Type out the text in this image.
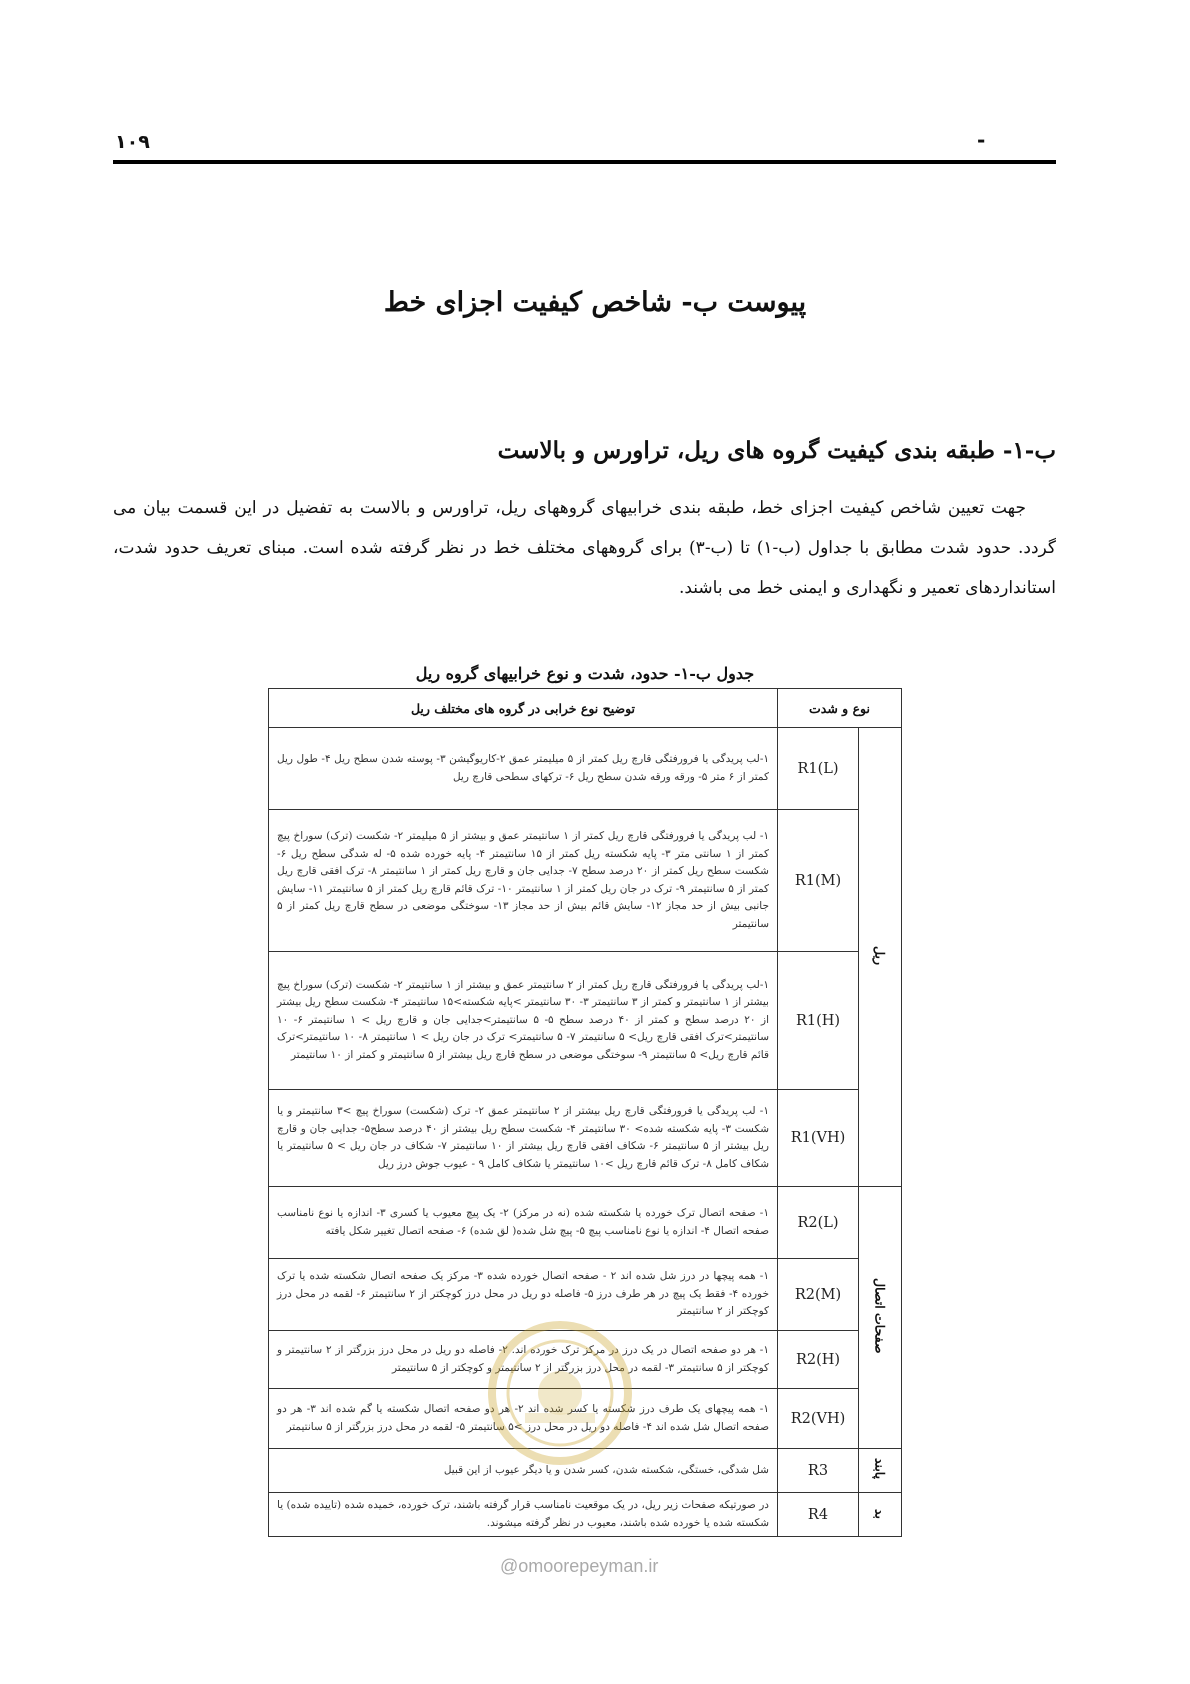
۱۰۹	-
پیوست ب- شاخص کیفیت اجزای خط
ب-۱- طبقه بندی کیفیت گروه های ریل، تراورس و بالاست

جهت تعیین شاخص کیفیت اجزای خط، طبقه بندی خرابیهای گروههای ریل، تراورس و بالاست به تفضیل در این قسمت بیان می گردد. حدود شدت مطابق با جداول (ب-۱) تا (ب-۳) برای گروههای مختلف خط در نظر گرفته شده است. مبنای تعریف حدود شدت، استانداردهای تعمیر و نگهداری و ایمنی خط می باشند.

جدول ب-۱- حدود، شدت و نوع خرابیهای گروه ریل
نوع و شدت		توضیح نوع خرابی در گروه های مختلف ریل
ریل	R1(L)	۱-لب پریدگی یا فرورفتگی قارچ ریل کمتر از ۵ میلیمتر عمق ۲-کاریوگیشن ۳- پوسته شدن سطح ریل ۴- طول ریل کمتر از ۶ متر ۵- ورقه ورقه شدن سطح ریل ۶- ترکهای سطحی قارچ ریل
	R1(M)	۱- لب پریدگی یا فرورفتگی قارچ ریل کمتر از ۱ سانتیمتر عمق و بیشتر از ۵ میلیمتر ۲- شکست (ترک) سوراخ پیچ کمتر از ۱ سانتی متر ۳- پایه شکسته ریل کمتر از ۱۵ سانتیمتر ۴- پایه خورده شده ۵- له شدگی سطح ریل ۶- شکست سطح ریل کمتر از ۲۰ درصد سطح ۷- جدایی جان و قارچ ریل کمتر از ۱ سانتیمتر ۸- ترک افقی قارچ ریل کمتر از ۵ سانتیمتر ۹- ترک در جان ریل کمتر از ۱ سانتیمتر ۱۰- ترک قائم قارچ ریل کمتر از ۵ سانتیمتر ۱۱- سایش جانبی بیش از حد مجاز ۱۲- سایش قائم بیش از حد مجاز ۱۳- سوختگی موضعی در سطح قارچ ریل کمتر از ۵ سانتیمتر
	R1(H)	۱-لب پریدگی یا فرورفتگی قارچ ریل کمتر از ۲ سانتیمتر عمق و بیشتر از ۱ سانتیمتر ۲- شکست (ترک) سوراخ پیچ بیشتر از ۱ سانتیمتر و کمتر از ۳ سانتیمتر ۳- ۳۰ سانتیمتر >پایه شکسته>۱۵ سانتیمتر ۴- شکست سطح ریل بیشتر از ۲۰ درصد سطح و کمتر از ۴۰ درصد سطح ۵- ۵ سانتیمتر>جدایی جان و قارچ ریل > ۱ سانتیمتر ۶- ۱۰ سانتیمتر>ترک افقی قارچ ریل> ۵ سانتیمتر ۷- ۵ سانتیمتر> ترک در جان ریل > ۱ سانتیمتر ۸- ۱۰ سانتیمتر>ترک قائم قارچ ریل> ۵ سانتیمتر ۹- سوختگی موضعی در سطح قارچ ریل بیشتر از ۵ سانتیمتر و کمتر از ۱۰ سانتیمتر
	R1(VH)	۱- لب پریدگی یا فرورفتگی قارچ ریل بیشتر از ۲ سانتیمتر عمق ۲- ترک (شکست) سوراخ پیچ >۳ سانتیمتر و یا شکست ۳- پایه شکسته شده> ۳۰ سانتیمتر ۴- شکست سطح ریل بیشتر از ۴۰ درصد سطح۵- جدایی جان و قارچ ریل بیشتر از ۵ سانتیمتر ۶- شکاف افقی قارچ ریل بیشتر از ۱۰ سانتیمتر ۷- شکاف در جان ریل > ۵ سانتیمتر یا شکاف کامل ۸- ترک قائم قارچ ریل >۱۰ سانتیمتر یا شکاف کامل ۹ - عیوب جوش درز ریل
صفحات اتصال	R2(L)	۱- صفحه اتصال ترک خورده یا شکسته شده (نه در مرکز) ۲- یک پیچ معیوب یا کسری ۳- اندازه یا نوع نامناسب صفحه اتصال ۴- اندازه یا نوع نامناسب پیچ ۵- پیچ شل شده( لق شده) ۶- صفحه اتصال تغییر شکل یافته
	R2(M)	۱- همه پیچها در درز شل شده اند ۲ - صفحه اتصال خورده شده ۳- مرکز یک صفحه اتصال شکسته شده یا ترک خورده ۴- فقط یک پیچ در هر طرف درز ۵- فاصله دو ریل در محل درز کوچکتر از ۲ سانتیمتر ۶- لقمه در محل درز کوچکتر از ۲ سانتیمتر
	R2(H)	۱- هر دو صفحه اتصال در یک درز در مرکز ترک خورده اند. ۲- فاصله دو ریل در محل درز بزرگتر از ۲ سانتیمتر و کوچکتر از ۵ سانتیمتر ۳- لقمه در محل درز بزرگتر از ۲ سانتیمتر و کوچکتر از ۵ سانتیمتر
	R2(VH)	۱- همه پیچهای یک طرف درز شکسته یا کسر شده اند ۲- هر دو صفحه اتصال شکسته یا گم شده اند ۳- هر دو صفحه اتصال شل شده اند ۴- فاصله دو ریل در محل درز >۵ سانتیمتر ۵- لقمه در محل درز بزرگتر از ۵ سانتیمتر
پابند	R3	شل شدگی، خستگی، شکسته شدن، کسر شدن و یا دیگر عیوب از این قبیل
بد	R4	در صورتیکه صفحات زیر ریل، در یک موقعیت نامناسب قرار گرفته باشند، ترک خورده، خمیده شده (تاییده شده) یا شکسته شده یا خورده شده باشند، معیوب در نظر گرفته میشوند.
@omoorepeyman.ir
